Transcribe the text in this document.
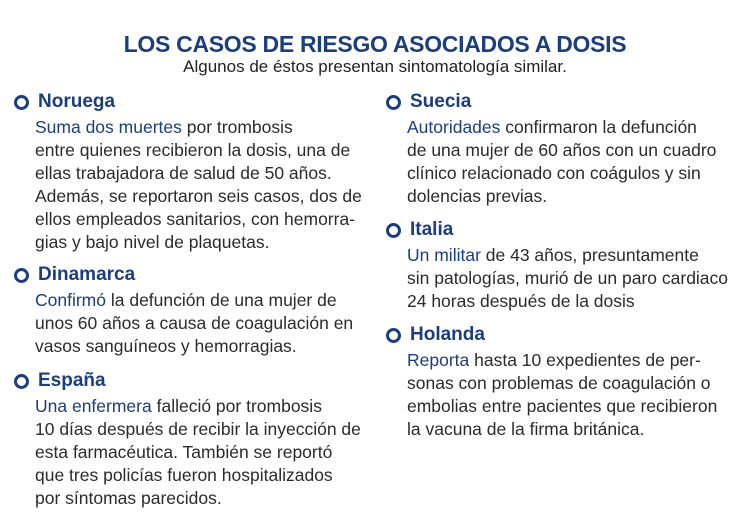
LOS CASOS DE RIESGO ASOCIADOS A DOSIS
Algunos de éstos presentan sintomatología similar.
Noruega
Suma dos muertes por trombosis
entre quienes recibieron la dosis, una de
ellas trabajadora de salud de 50 años.
Además, se reportaron seis casos, dos de
ellos empleados sanitarios, con hemorra-
gias y bajo nivel de plaquetas.
Dinamarca
Confirmó la defunción de una mujer de
unos 60 años a causa de coagulación en
vasos sanguíneos y hemorragias.
España
Una enfermera falleció por trombosis
10 días después de recibir la inyección de
esta farmacéutica. También se reportó
que tres policías fueron hospitalizados
por síntomas parecidos.
Suecia
Autoridades confirmaron la defunción
de una mujer de 60 años con un cuadro
clínico relacionado con coágulos y sin
dolencias previas.
Italia
Un militar de 43 años, presuntamente
sin patologías, murió de un paro cardiaco
24 horas después de la dosis
Holanda
Reporta hasta 10 expedientes de per-
sonas con problemas de coagulación o
embolias entre pacientes que recibieron
la vacuna de la firma británica.
